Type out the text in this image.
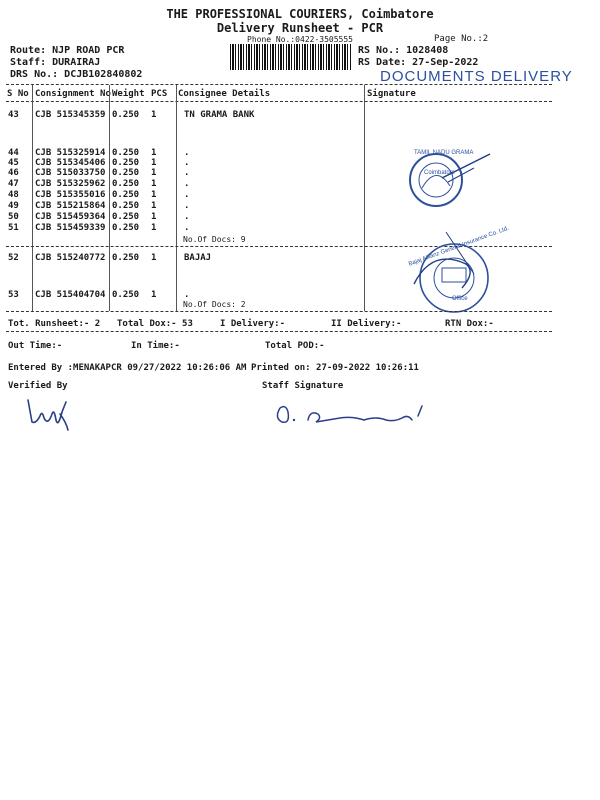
THE PROFESSIONAL COURIERS, Coimbatore
Delivery Runsheet - PCR
Phone No.:0422-3505555	Page No.:2
Route: NJP ROAD PCR
Staff: DURAIRAJ
DRS No.: DCJB102840802
RS No.: 1028408
RS Date: 27-Sep-2022
DOCUMENTS DELIVERY
S No Consignment No Weight PCS Consignee Details	Signature
43 CJB 515345359 0.250 1	TN GRAMA BANK
44 CJB 515325914 0.250 1	.
45 CJB 515345406 0.250 1	.
46 CJB 515033750 0.250 1	.
47 CJB 515325962 0.250 1	.
48 CJB 515355016 0.250 1	.
49 CJB 515215864 0.250 1	.
50 CJB 515459364 0.250 1	.
51 CJB 515459339 0.250 1	.
No.Of Docs: 9
TAMIL NADU GRAMA
Coimbatore
52 CJB 515240772 0.250 1	BAJAJ
53 CJB 515404704 0.250 1	.
No.Of Docs: 2
Bajaj Allianz General Insurance Co. Ltd.
Office
Tot. Runsheet:- 2 Total Dox:- 53	I Delivery:-	II Delivery:-	RTN Dox:-
Out Time:-	In Time:-	Total POD:-
Entered By :MENAKAPCR 09/27/2022 10:26:06 AM Printed on: 27-09-2022 10:26:11
Verified By	Staff Signature
